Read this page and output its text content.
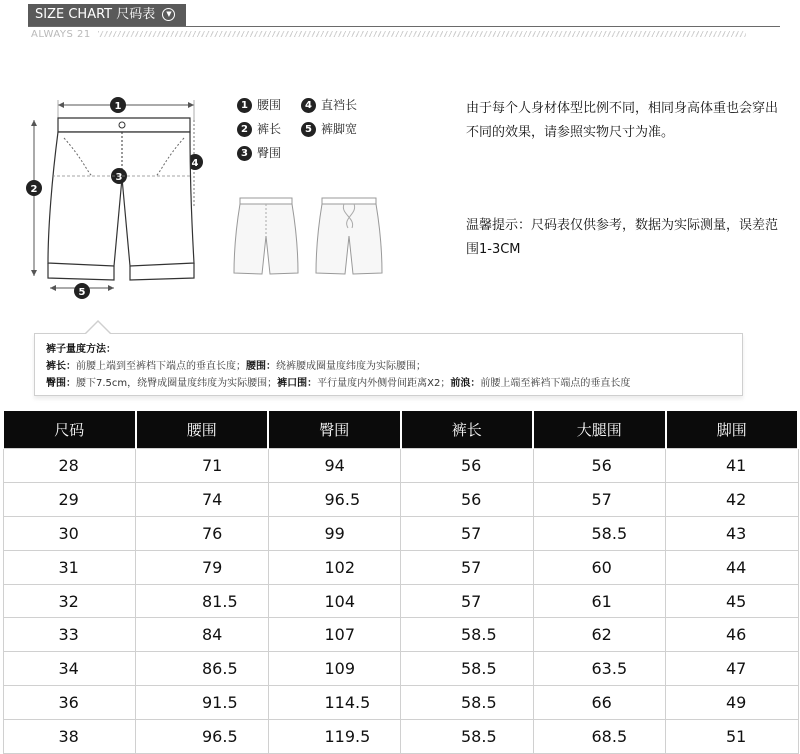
SIZE CHART 尺码表 ▼
ALWAYS 21
1
2
4
5
3
1 腰围	4 直裆长
2 裤长	5 裤脚宽
3 臀围
由于每个人身材体型比例不同，相同身高体重也会穿出
不同的效果，请参照实物尺寸为准。
温馨提示：尺码表仅供参考，数据为实际测量，误差范
围1-3CM
裤子量度方法：
裤长：前腰上端到至裤档下端点的垂直长度；腰围：绕裤腰成圈量度纬度为实际腰围；
臀围：腰下7.5cm，绕臀成圈量度纬度为实际腰围；裤口围：平行量度内外侧骨间距离X2；前浪：前腰上端至裤裆下端点的垂直长度
尺码	腰围	臀围	裤长	大腿围	脚围
28	71	94	56	56	41
29	74	96.5	56	57	42
30	76	99	57	58.5	43
31	79	102	57	60	44
32	81.5	104	57	61	45
33	84	107	58.5	62	46
34	86.5	109	58.5	63.5	47
36	91.5	114.5	58.5	66	49
38	96.5	119.5	58.5	68.5	51
